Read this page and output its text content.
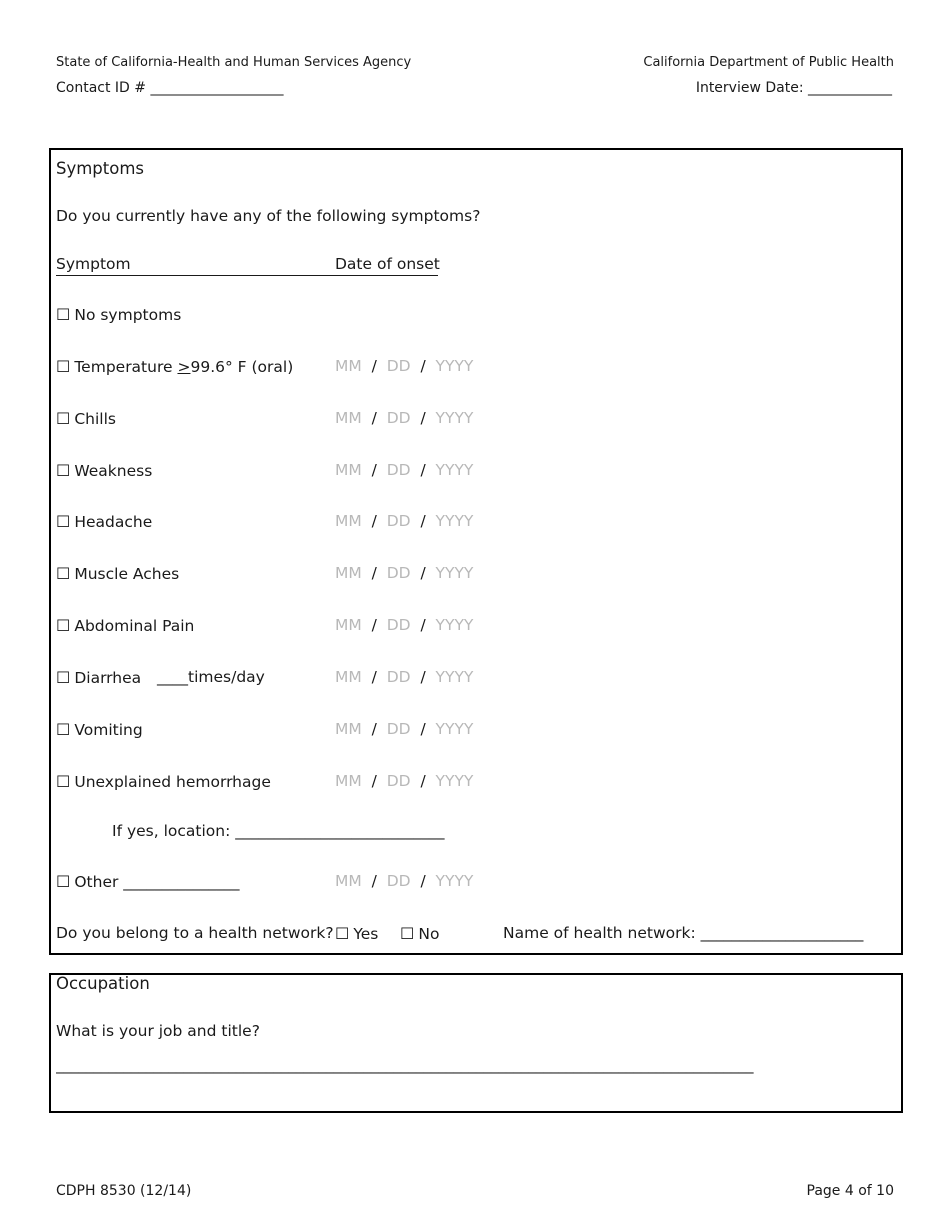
State of California-Health and Human Services Agency	California Department of Public Health
Contact ID # ___________________	Interview Date: ____________
Symptoms
Do you currently have any of the following symptoms?
Symptom	Date of onset
☐ No symptoms
☐ Temperature >99.6° F (oral)	MM / DD / YYYY
☐ Chills	MM / DD / YYYY
☐ Weakness	MM / DD / YYYY
☐ Headache	MM / DD / YYYY
☐ Muscle Aches	MM / DD / YYYY
☐ Abdominal Pain	MM / DD / YYYY
☐ Diarrhea ____times/day	MM / DD / YYYY
☐ Vomiting	MM / DD / YYYY
☐ Unexplained hemorrhage	MM / DD / YYYY
If yes, location: ___________________________
☐ Other _______________	MM / DD / YYYY
Do you belong to a health network? ☐ Yes ☐ No	Name of health network: _____________________
Occupation
What is your job and title?
_____________________________________________________________________________________________
CDPH 8530 (12/14)	Page 4 of 10
